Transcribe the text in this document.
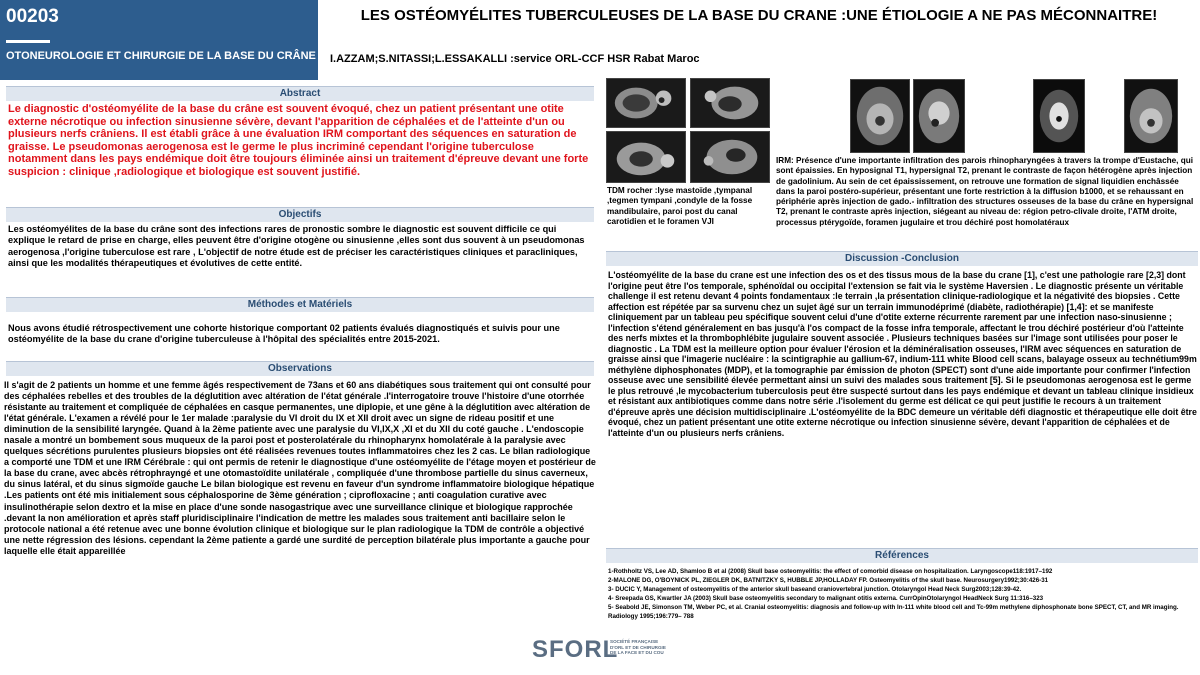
00203
OTONEUROLOGIE ET CHIRURGIE DE LA BASE DU CRÂNE
LES OSTÉOMYÉLITES TUBERCULEUSES DE LA BASE DU CRANE :UNE ÉTIOLOGIE A NE PAS MÉCONNAITRE!
I.AZZAM;S.NITASSI;L.ESSAKALLI :service ORL-CCF HSR Rabat Maroc
Abstract
Le diagnostic d'ostéomyélite de la base du crâne est souvent évoqué, chez un patient présentant une otite externe nécrotique ou infection sinusienne sévère, devant l'apparition de céphalées et de l'atteinte d'un ou plusieurs nerfs crâniens. Il est établi grâce à une évaluation IRM comportant des séquences en saturation de graisse. Le pseudomonas aerogenosa est le germe le plus incriminé cependant l'origine tuberculose notamment dans les pays endémique doit être toujours éliminée ainsi un traitement d'épreuve devant une forte suspicion : clinique ,radiologique et biologique est souvent justifié.
Objectifs
Les ostéomyélites de la base du crâne sont des infections rares de pronostic sombre le diagnostic est souvent difficile ce qui explique le retard de prise en charge, elles peuvent être d'origine otogène ou sinusienne ,elles sont dus souvent à un pseudomonas aerogenosa ,l'origine tuberculose est rare , L'objectif de notre étude est de préciser les caractéristiques cliniques et paracliniques, ainsi que les modalités thérapeutiques et évolutives de cette entité.
Méthodes et Matériels
Nous avons étudié rétrospectivement une cohorte historique comportant 02 patients évalués diagnostiqués et suivis pour une ostéomyélite de la base du crane d'origine tuberculeuse à l'hôpital des spécialités entre 2015-2021.
Observations
Il s'agit de 2 patients un homme et une femme âgés respectivement de 73ans et 60 ans diabétiques sous traitement qui ont consulté pour des céphalées rebelles et des troubles de la déglutition avec altération de l'état générale .l'interrogatoire trouve l'histoire d'une otorrhée résistante au traitement et compliquée de céphalées en casque permanentes, une diplopie, et une gêne à la déglutition avec altération de l'état générale. L'examen a révélé pour le 1er malade :paralysie du VI droit du IX et XII droit avec un signe de rideau positif et une diminution de la sensibilité laryngée. Quand à la 2ème patiente avec une paralysie du VI,IX,X ,XI et du XII du coté gauche . L'endoscopie nasale a montré un bombement sous muqueux de la paroi post et posterolatérale du rhinopharynx homolatérale à la paralysie avec quelques sécrétions purulentes plusieurs biopsies ont été réalisées revenues toutes inflammatoires chez les 2 cas. Le bilan radiologique a comporté une TDM et une IRM Cérébrale : qui ont permis de retenir le diagnostique d'une ostéomyélite de l'étage moyen et postérieur de la base du crane, avec abcès rétrophrayngé et une otomastoïdite unilatérale , compliquée d'une thrombose partielle du sinus caverneux, du sinus latéral, et du sinus sigmoïde gauche Le bilan biologique est revenu en faveur d'un syndrome inflammatoire biologique hépatique .Les patients ont été mis initialement sous céphalosporine de 3ème génération ; ciprofloxacine ; anti coagulation curative avec insulinothérapie selon dextro et la mise en place d'une sonde nasogastrique avec une surveillance clinique et biologique rapprochée .devant la non amélioration et après staff pluridisciplinaire l'indication de mettre les malades sous traitement anti bacillaire selon le protocole national a été retenue avec une bonne évolution clinique et biologique sur le plan radiologique la TDM de contrôle a objectivé une nette régression des lésions. cependant la 2ème patiente a gardé une surdité de perception bilatérale plus importante a gauche pour laquelle elle était appareillée
TDM rocher :lyse mastoïde ,tympanal ,tegmen tympani ,condyle de la fosse mandibulaire, paroi post du canal carotidien et le foramen VJI
IRM: Présence d'une importante infiltration des parois rhinopharyngées à travers la trompe d'Eustache, qui sont épaissies. En hyposignal T1, hypersignal T2, prenant le contraste de façon hétérogène après injection de gadolinium. Au sein de cet épaississement, on retrouve une formation de signal liquidien enchâssée dans la paroi postéro-supérieur, présentant une forte restriction à la diffusion b1000, et se rehaussant en périphérie après injection de gado.- infiltration des structures osseuses de la base du crâne en hypersignal T2, prenant le contraste après injection, siégeant au niveau de: région petro-clivale droite, l'ATM droite, processus ptérygoïde, foramen jugulaire et trou déchiré post homolatéraux
Discussion -Conclusion
L'ostéomyélite de la base du crane est une infection des os et des tissus mous de la base du crane [1], c'est une pathologie rare [2,3] dont l'origine peut être l'os temporale, sphénoïdal ou occipital l'extension se fait via le système Haversien . Le diagnostic présente un véritable challenge il est retenu devant 4 points fondamentaux :le terrain ,la présentation clinique-radiologique et la négativité des biopsies . Cette affection est répétée par sa survenu chez un sujet âgé sur un terrain immunodéprimé (diabète, radiothérapie) [1,4]: et se manifeste cliniquement par un tableau peu spécifique souvent celui d'une d'otite externe récurrente rarement par une infection naso-sinusienne ; l'infection s'étend généralement en bas jusqu'à l'os compact de la fosse infra temporale, affectant le trou déchiré postérieur d'où l'atteinte des nerfs mixtes et la thrombophlébite jugulaire souvent associée . Plusieurs techniques basées sur l'image sont utilisées pour poser le diagnostic . La TDM est la meilleure option pour évaluer l'érosion et la déminéralisation osseuses, l'IRM avec séquences en saturation de graisse ainsi que l'imagerie nucléaire : la scintigraphie au gallium-67, indium-111 white Blood cell scans, balayage osseux au technétium99m méthylène diphosphonates (MDP), et la tomographie par émission de photon (SPECT) sont d'une aide importante pour confirmer l'infection osseuse avec une sensibilité élevée permettant ainsi un suivi des malades sous traitement [5]. Si le pseudomonas aerogenosa est le germe le plus retrouvé ,le mycobacterium tuberculosis peut être suspecté surtout dans les pays endémique et devant un tableau clinique insidieux et résistant aux antibiotiques comme dans notre série .l'isolement du germe est délicat ce qui peut justifie le recours à un traitement d'épreuve après une décision multidisciplinaire .L'ostéomyélite de la BDC demeure un véritable défi diagnostic et thérapeutique elle doit être évoqué, chez un patient présentant une otite externe nécrotique ou infection sinusienne sévère, devant l'apparition de céphalées et de l'atteinte d'un ou plusieurs nerfs crâniens.
Références
1-Rothholtz VS, Lee AD, Shamloo B et al (2008) Skull base osteomyelitis: the effect of comorbid disease on hospitalization. Laryngoscope118:1917–192
2-MALONE DG, O'BOYNICK PL, ZIEGLER DK, BATNITZKY S, HUBBLE JP,HOLLADAY FP. Osteomyelitis of the skull base. Neurosurgery1992;30:426-31
3- DUCIC Y, Management of osteomyelitis of the anterior skull baseand craniovertebral junction. Otolaryngol Head Neck Surg2003;128:39-42.
4- Sreepada GS, Kwartler JA (2003) Skull base osteomyelitis secondary to malignant otitis externa. CurrOpinOtolaryngol HeadNeck Surg 11:316–323
5- Seabold JE, Simonson TM, Weber PC, et al. Cranial osteomyelitis: diagnosis and follow-up with In-111 white blood cell and Tc-99m methylene diphosphonate bone SPECT, CT, and MR imaging. Radiology 1995;196:779– 788
SFORL
SOCIÉTÉ FRANÇAISE D'ORL ET DE CHIRURGIE DE LA FACE ET DU COU
